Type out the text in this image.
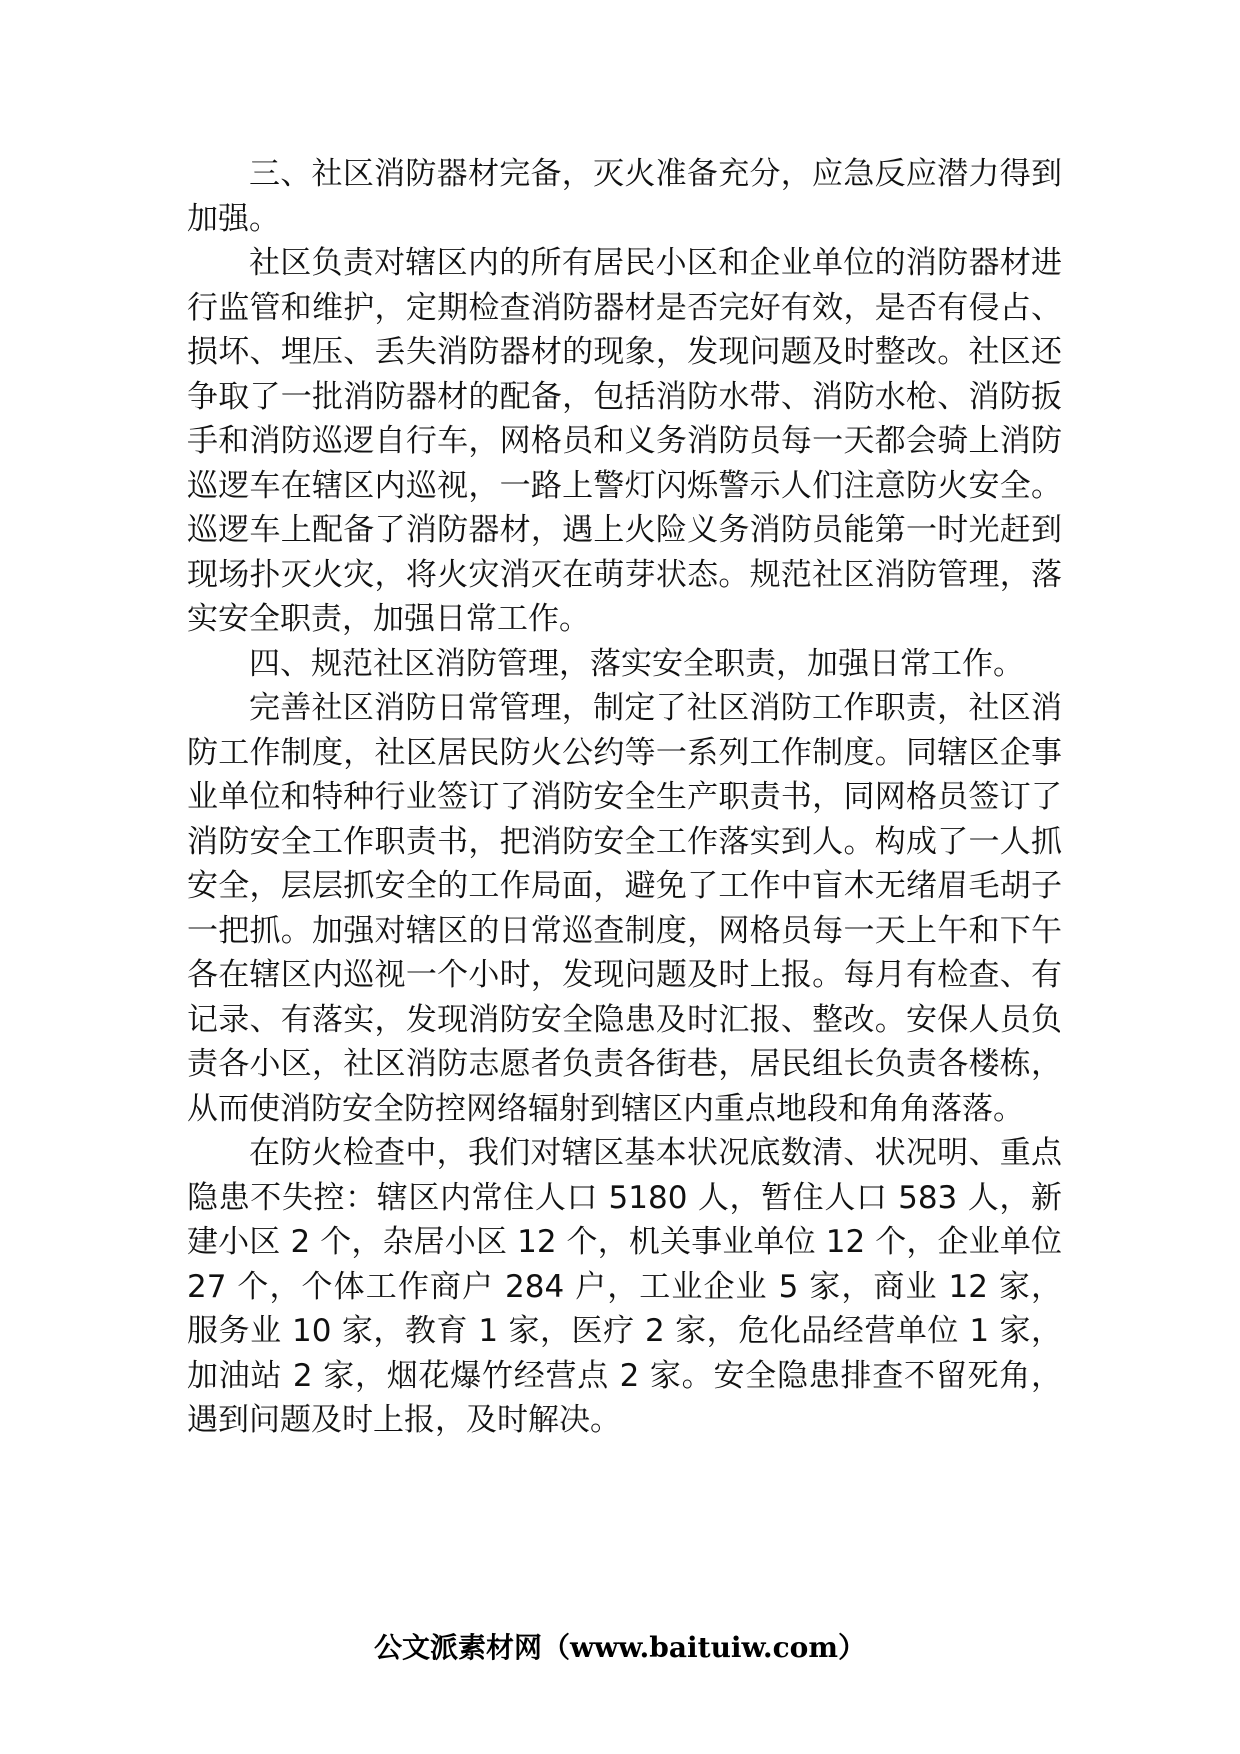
三、社区消防器材完备，灭火准备充分，应急反应潜力得到加强。

社区负责对辖区内的所有居民小区和企业单位的消防器材进行监管和维护，定期检查消防器材是否完好有效，是否有侵占、损坏、埋压、丢失消防器材的现象，发现问题及时整改。社区还争取了一批消防器材的配备，包括消防水带、消防水枪、消防扳手和消防巡逻自行车，网格员和义务消防员每一天都会骑上消防巡逻车在辖区内巡视，一路上警灯闪烁警示人们注意防火安全。巡逻车上配备了消防器材，遇上火险义务消防员能第一时光赶到现场扑灭火灾，将火灾消灭在萌芽状态。规范社区消防管理，落实安全职责，加强日常工作。

四、规范社区消防管理，落实安全职责，加强日常工作。

完善社区消防日常管理，制定了社区消防工作职责，社区消防工作制度，社区居民防火公约等一系列工作制度。同辖区企事业单位和特种行业签订了消防安全生产职责书，同网格员签订了消防安全工作职责书，把消防安全工作落实到人。构成了一人抓安全，层层抓安全的工作局面，避免了工作中盲木无绪眉毛胡子一把抓。加强对辖区的日常巡查制度，网格员每一天上午和下午各在辖区内巡视一个小时，发现问题及时上报。每月有检查、有记录、有落实，发现消防安全隐患及时汇报、整改。安保人员负责各小区，社区消防志愿者负责各街巷，居民组长负责各楼栋，从而使消防安全防控网络辐射到辖区内重点地段和角角落落。

在防火检查中，我们对辖区基本状况底数清、状况明、重点隐患不失控：辖区内常住人口 5180 人，暂住人口 583 人，新建小区 2 个，杂居小区 12 个，机关事业单位 12 个，企业单位 27 个，个体工作商户 284 户，工业企业 5 家，商业 12 家，服务业 10 家，教育 1 家，医疗 2 家，危化品经营单位 1 家，加油站 2 家，烟花爆竹经营点 2 家。安全隐患排查不留死角，遇到问题及时上报，及时解决。

公文派素材网（www.baituiw.com）
